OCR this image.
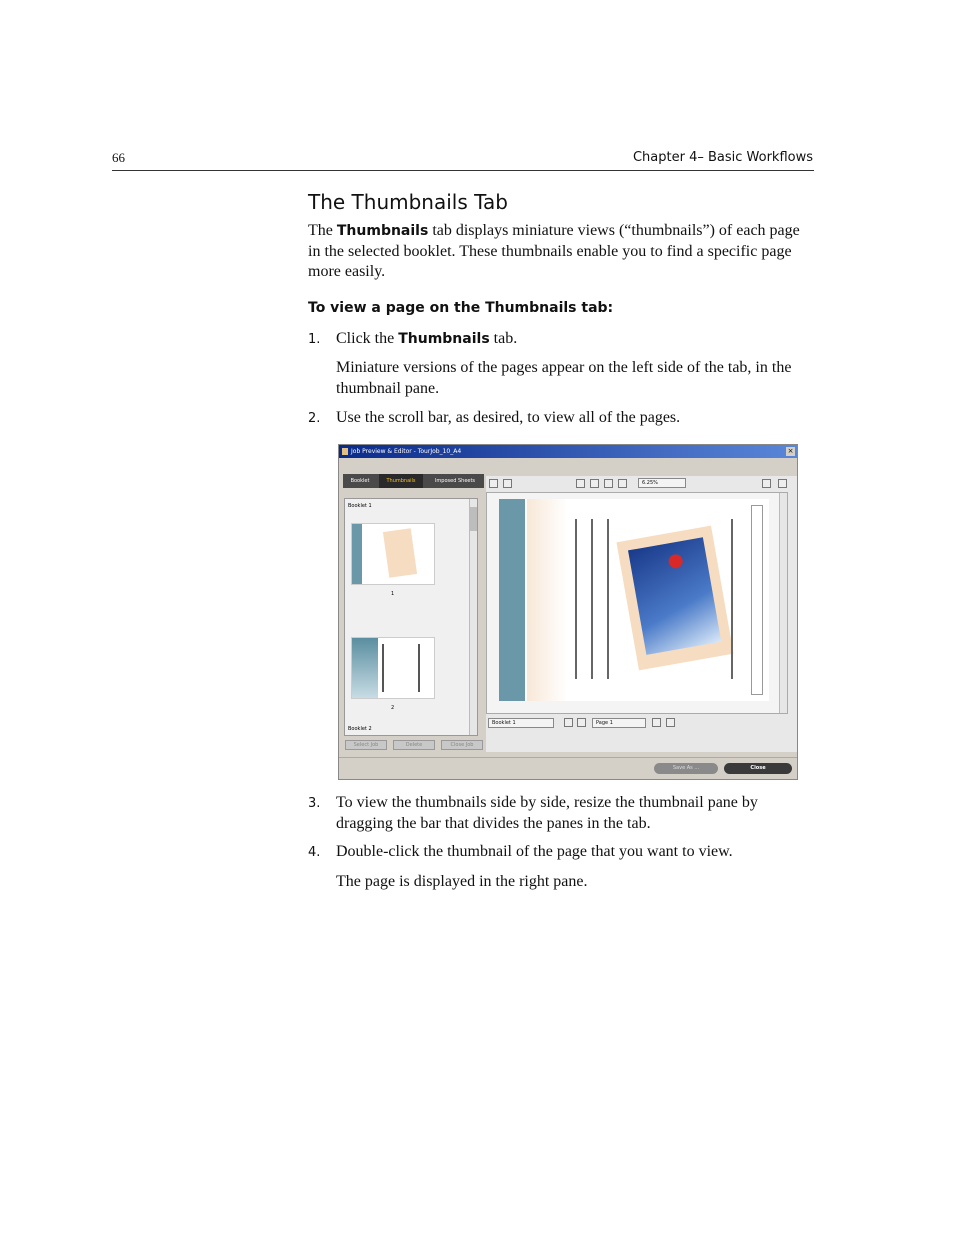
66	Chapter 4– Basic Workflows
The Thumbnails Tab
The Thumbnails tab displays miniature views (“thumbnails”) of each page
in the selected booklet. These thumbnails enable you to find a specific page
more easily.
To view a page on the Thumbnails tab:
1. Click the Thumbnails tab.
Miniature versions of the pages appear on the left side of the tab, in the
thumbnail pane.
2. Use the scroll bar, as desired, to view all of the pages.
Job Preview & Editor - TourJob_10_A4	×
Booklet	Thumbnails	Imposed Sheets
Booklet 1
1
2
Booklet 2
Select Job	Delete	Close Job
6.25%
Booklet 1	Page 1
Save As ...	Close
3. To view the thumbnails side by side, resize the thumbnail pane by
dragging the bar that divides the panes in the tab.
4. Double-click the thumbnail of the page that you want to view.
The page is displayed in the right pane.
